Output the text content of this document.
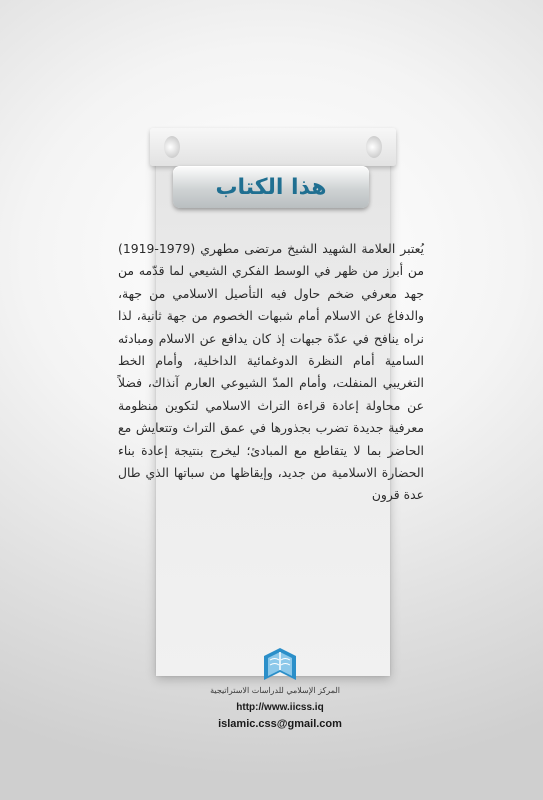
هذا الكتاب

يُعتبر العلامة الشهيد الشيخ مرتضى مطهري (1979-1919) من أبرز من ظهر في الوسط الفكري الشيعي لما قدّمه من جهد معرفي ضخم حاول فيه التأصيل الاسلامي من جهة، والدفاع عن الاسلام أمام شبهات الخصوم من جهة ثانية، لذا نراه ينافح في عدّة جبهات إذ كان يدافع عن الاسلام ومبادئه السامية أمام النظرة الدوغمائية الداخلية، وأمام الخط التغريبي المنفلت، وأمام المدّ الشيوعي العارم آنذاك، فضلاً عن محاولة إعادة قراءة التراث الاسلامي لتكوين منظومة معرفية جديدة تضرب بجذورها في عمق التراث وتتعايش مع الحاضر بما لا يتقاطع مع المبادئ؛ ليخرج بنتيجة إعادة بناء الحضارة الاسلامية من جديد، وإيقاظها من سباتها الذي طال عدة قرون

المركز الإسلامي للدراسات الاستراتيجية
http://www.iicss.iq
islamic.css@gmail.com
